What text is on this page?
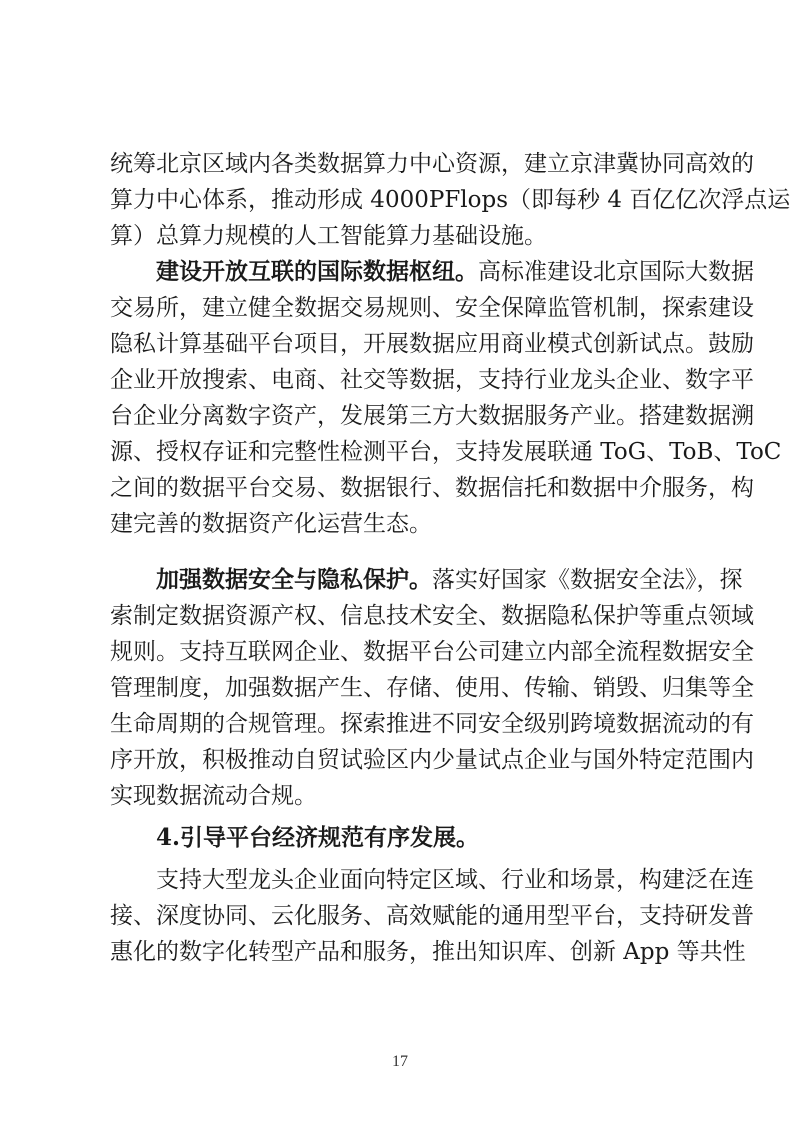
统筹北京区域内各类数据算力中心资源，建立京津冀协同高效的
算力中心体系，推动形成 4000PFlops（即每秒 4 百亿亿次浮点运
算）总算力规模的人工智能算力基础设施。
建设开放互联的国际数据枢纽。高标准建设北京国际大数据
交易所，建立健全数据交易规则、安全保障监管机制，探索建设
隐私计算基础平台项目，开展数据应用商业模式创新试点。鼓励
企业开放搜索、电商、社交等数据，支持行业龙头企业、数字平
台企业分离数字资产，发展第三方大数据服务产业。搭建数据溯
源、授权存证和完整性检测平台，支持发展联通 ToG、ToB、ToC
之间的数据平台交易、数据银行、数据信托和数据中介服务，构
建完善的数据资产化运营生态。
加强数据安全与隐私保护。落实好国家《数据安全法》，探
索制定数据资源产权、信息技术安全、数据隐私保护等重点领域
规则。支持互联网企业、数据平台公司建立内部全流程数据安全
管理制度，加强数据产生、存储、使用、传输、销毁、归集等全
生命周期的合规管理。探索推进不同安全级别跨境数据流动的有
序开放，积极推动自贸试验区内少量试点企业与国外特定范围内
实现数据流动合规。
4.引导平台经济规范有序发展。
支持大型龙头企业面向特定区域、行业和场景，构建泛在连
接、深度协同、云化服务、高效赋能的通用型平台，支持研发普
惠化的数字化转型产品和服务，推出知识库、创新 App 等共性
17
